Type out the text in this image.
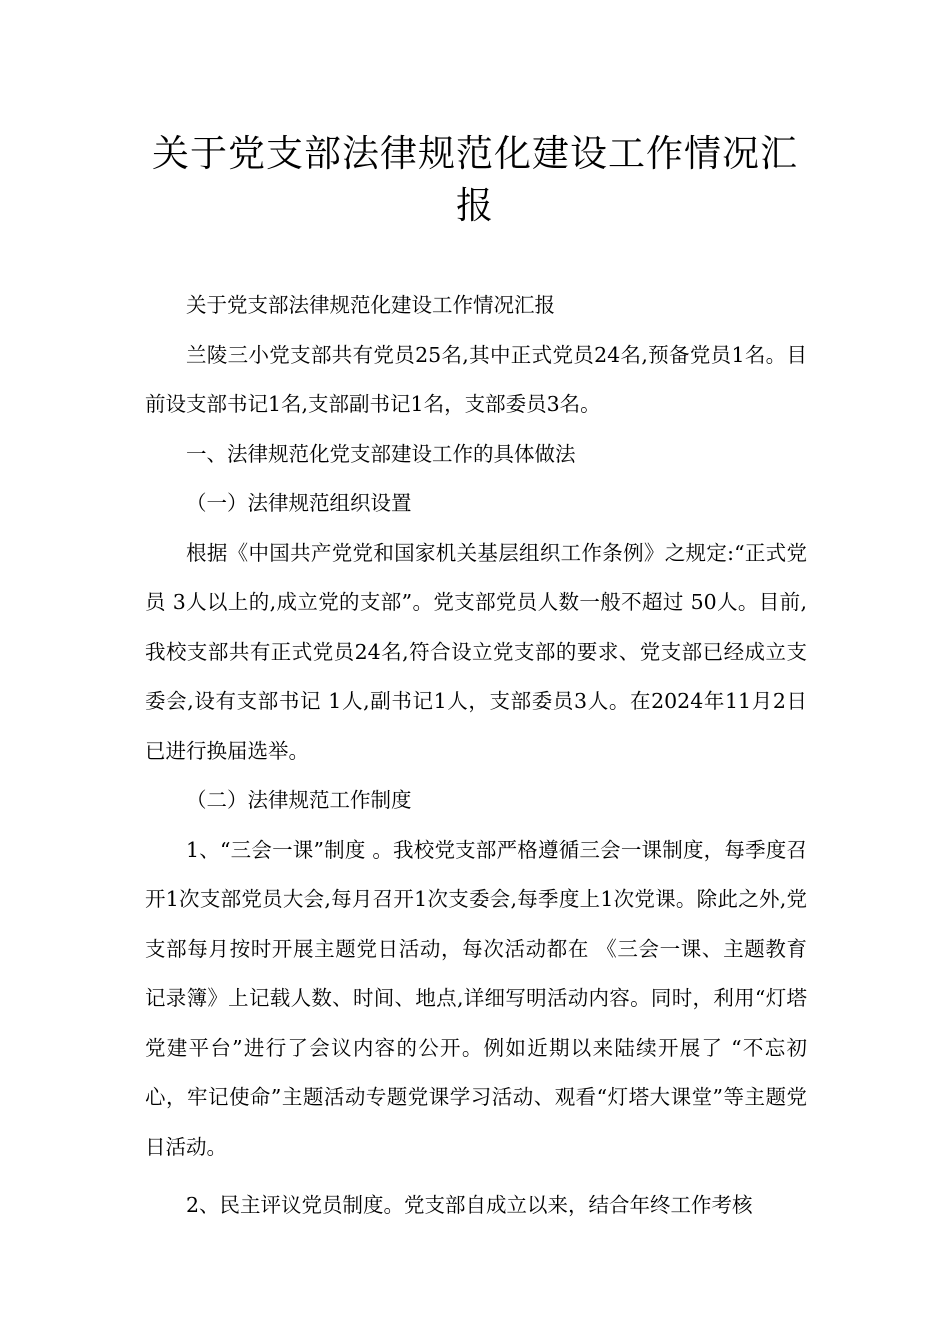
关于党支部法律规范化建设工作情况汇报

关于党支部法律规范化建设工作情况汇报

兰陵三小党支部共有党员25名,其中正式党员24名,预备党员1名。目前设支部书记1名,支部副书记1名，支部委员3名。

一、法律规范化党支部建设工作的具体做法

（一）法律规范组织设置

根据《中国共产党党和国家机关基层组织工作条例》之规定:“正式党员 3人以上的,成立党的支部”。党支部党员人数一般不超过 50人。目前,我校支部共有正式党员24名,符合设立党支部的要求、党支部已经成立支委会,设有支部书记 1人,副书记1人，支部委员3人。在2024年11月2日已进行换届选举。

（二）法律规范工作制度

1、“三会一课”制度 。我校党支部严格遵循三会一课制度，每季度召开1次支部党员大会,每月召开1次支委会,每季度上1次党课。除此之外,党支部每月按时开展主题党日活动，每次活动都在 《三会一课、主题教育记录簿》上记载人数、时间、地点,详细写明活动内容。同时，利用“灯塔党建平台”进行了会议内容的公开。例如近期以来陆续开展了 “不忘初心，牢记使命”主题活动专题党课学习活动、观看“灯塔大课堂”等主题党日活动。

2、民主评议党员制度。党支部自成立以来，结合年终工作考核
